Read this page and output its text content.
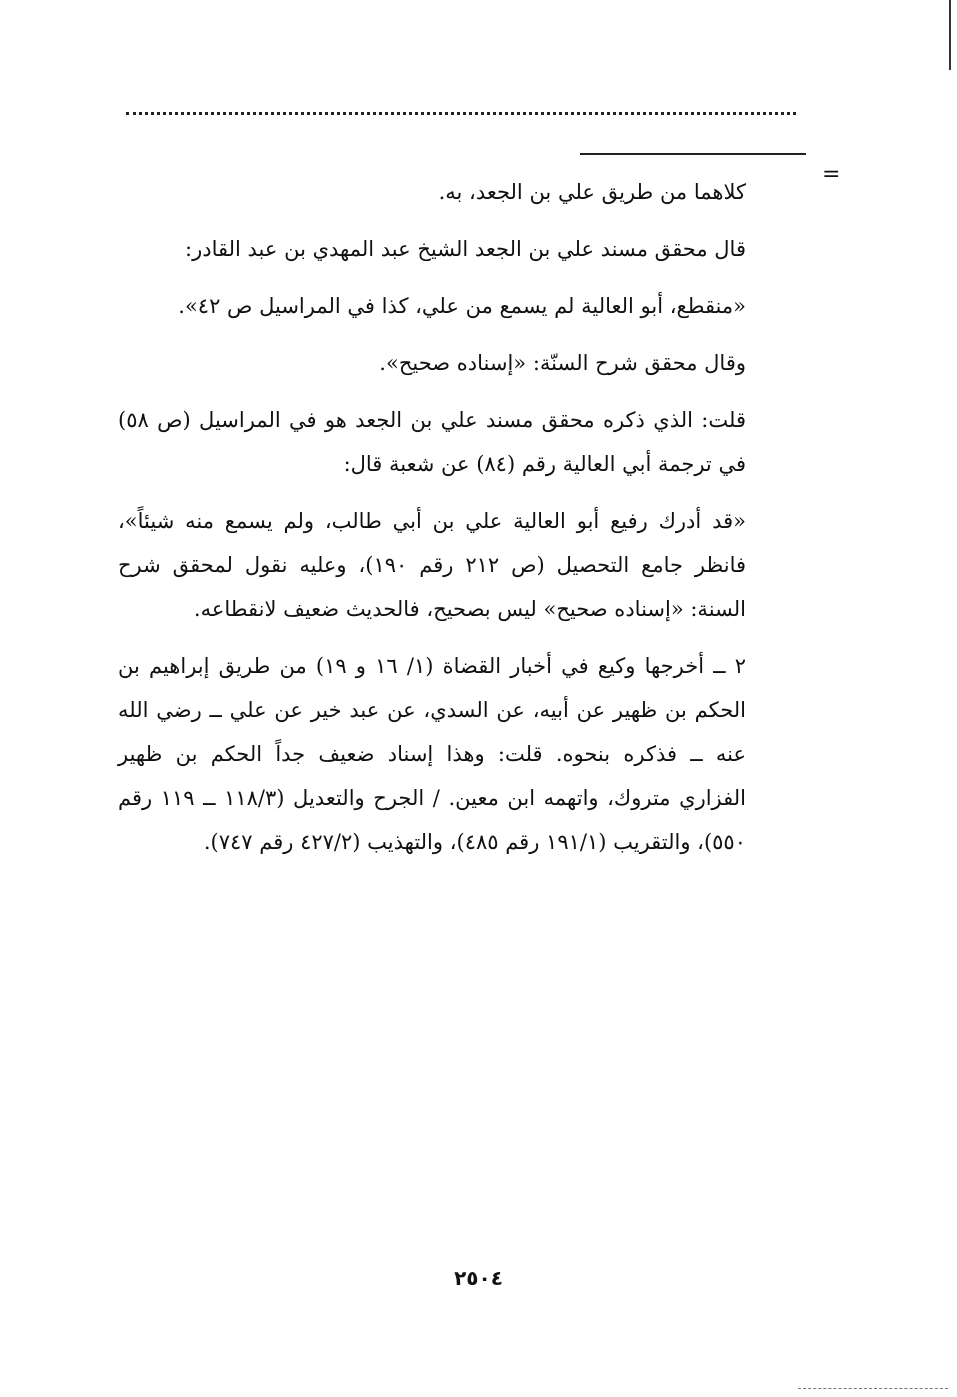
=

كلاهما من طريق علي بن الجعد، به.

قال محقق مسند علي بن الجعد الشيخ عبد المهدي بن عبد القادر:

«منقطع، أبو العالية لم يسمع من علي، كذا في المراسيل ص ٤٢».

وقال محقق شرح السنّة: «إسناده صحيح».

قلت: الذي ذكره محقق مسند علي بن الجعد هو في المراسيل (ص ٥٨) في ترجمة أبي العالية رقم (٨٤) عن شعبة قال:

«قد أدرك رفيع أبو العالية علي بن أبي طالب، ولم يسمع منه شيئاً»، فانظر جامع التحصيل (ص ٢١٢ رقم ١٩٠)، وعليه نقول لمحقق شرح السنة: «إسناده صحيح» ليس بصحيح، فالحديث ضعيف لانقطاعه.

٢ ــ أخرجها وكيع في أخبار القضاة (١/ ١٦ و ١٩) من طريق إبراهيم بن الحكم بن ظهير عن أبيه، عن السدي، عن عبد خير عن علي ــ رضي الله عنه ــ فذكره بنحوه. قلت: وهذا إسناد ضعيف جداً الحكم بن ظهير الفزاري متروك، واتهمه ابن معين. / الجرح والتعديل (١١٨/٣ ــ ١١٩ رقم ٥٥٠)، والتقريب (١٩١/١ رقم ٤٨٥)، والتهذيب (٤٢٧/٢ رقم ٧٤٧).

٢٥٠٤
